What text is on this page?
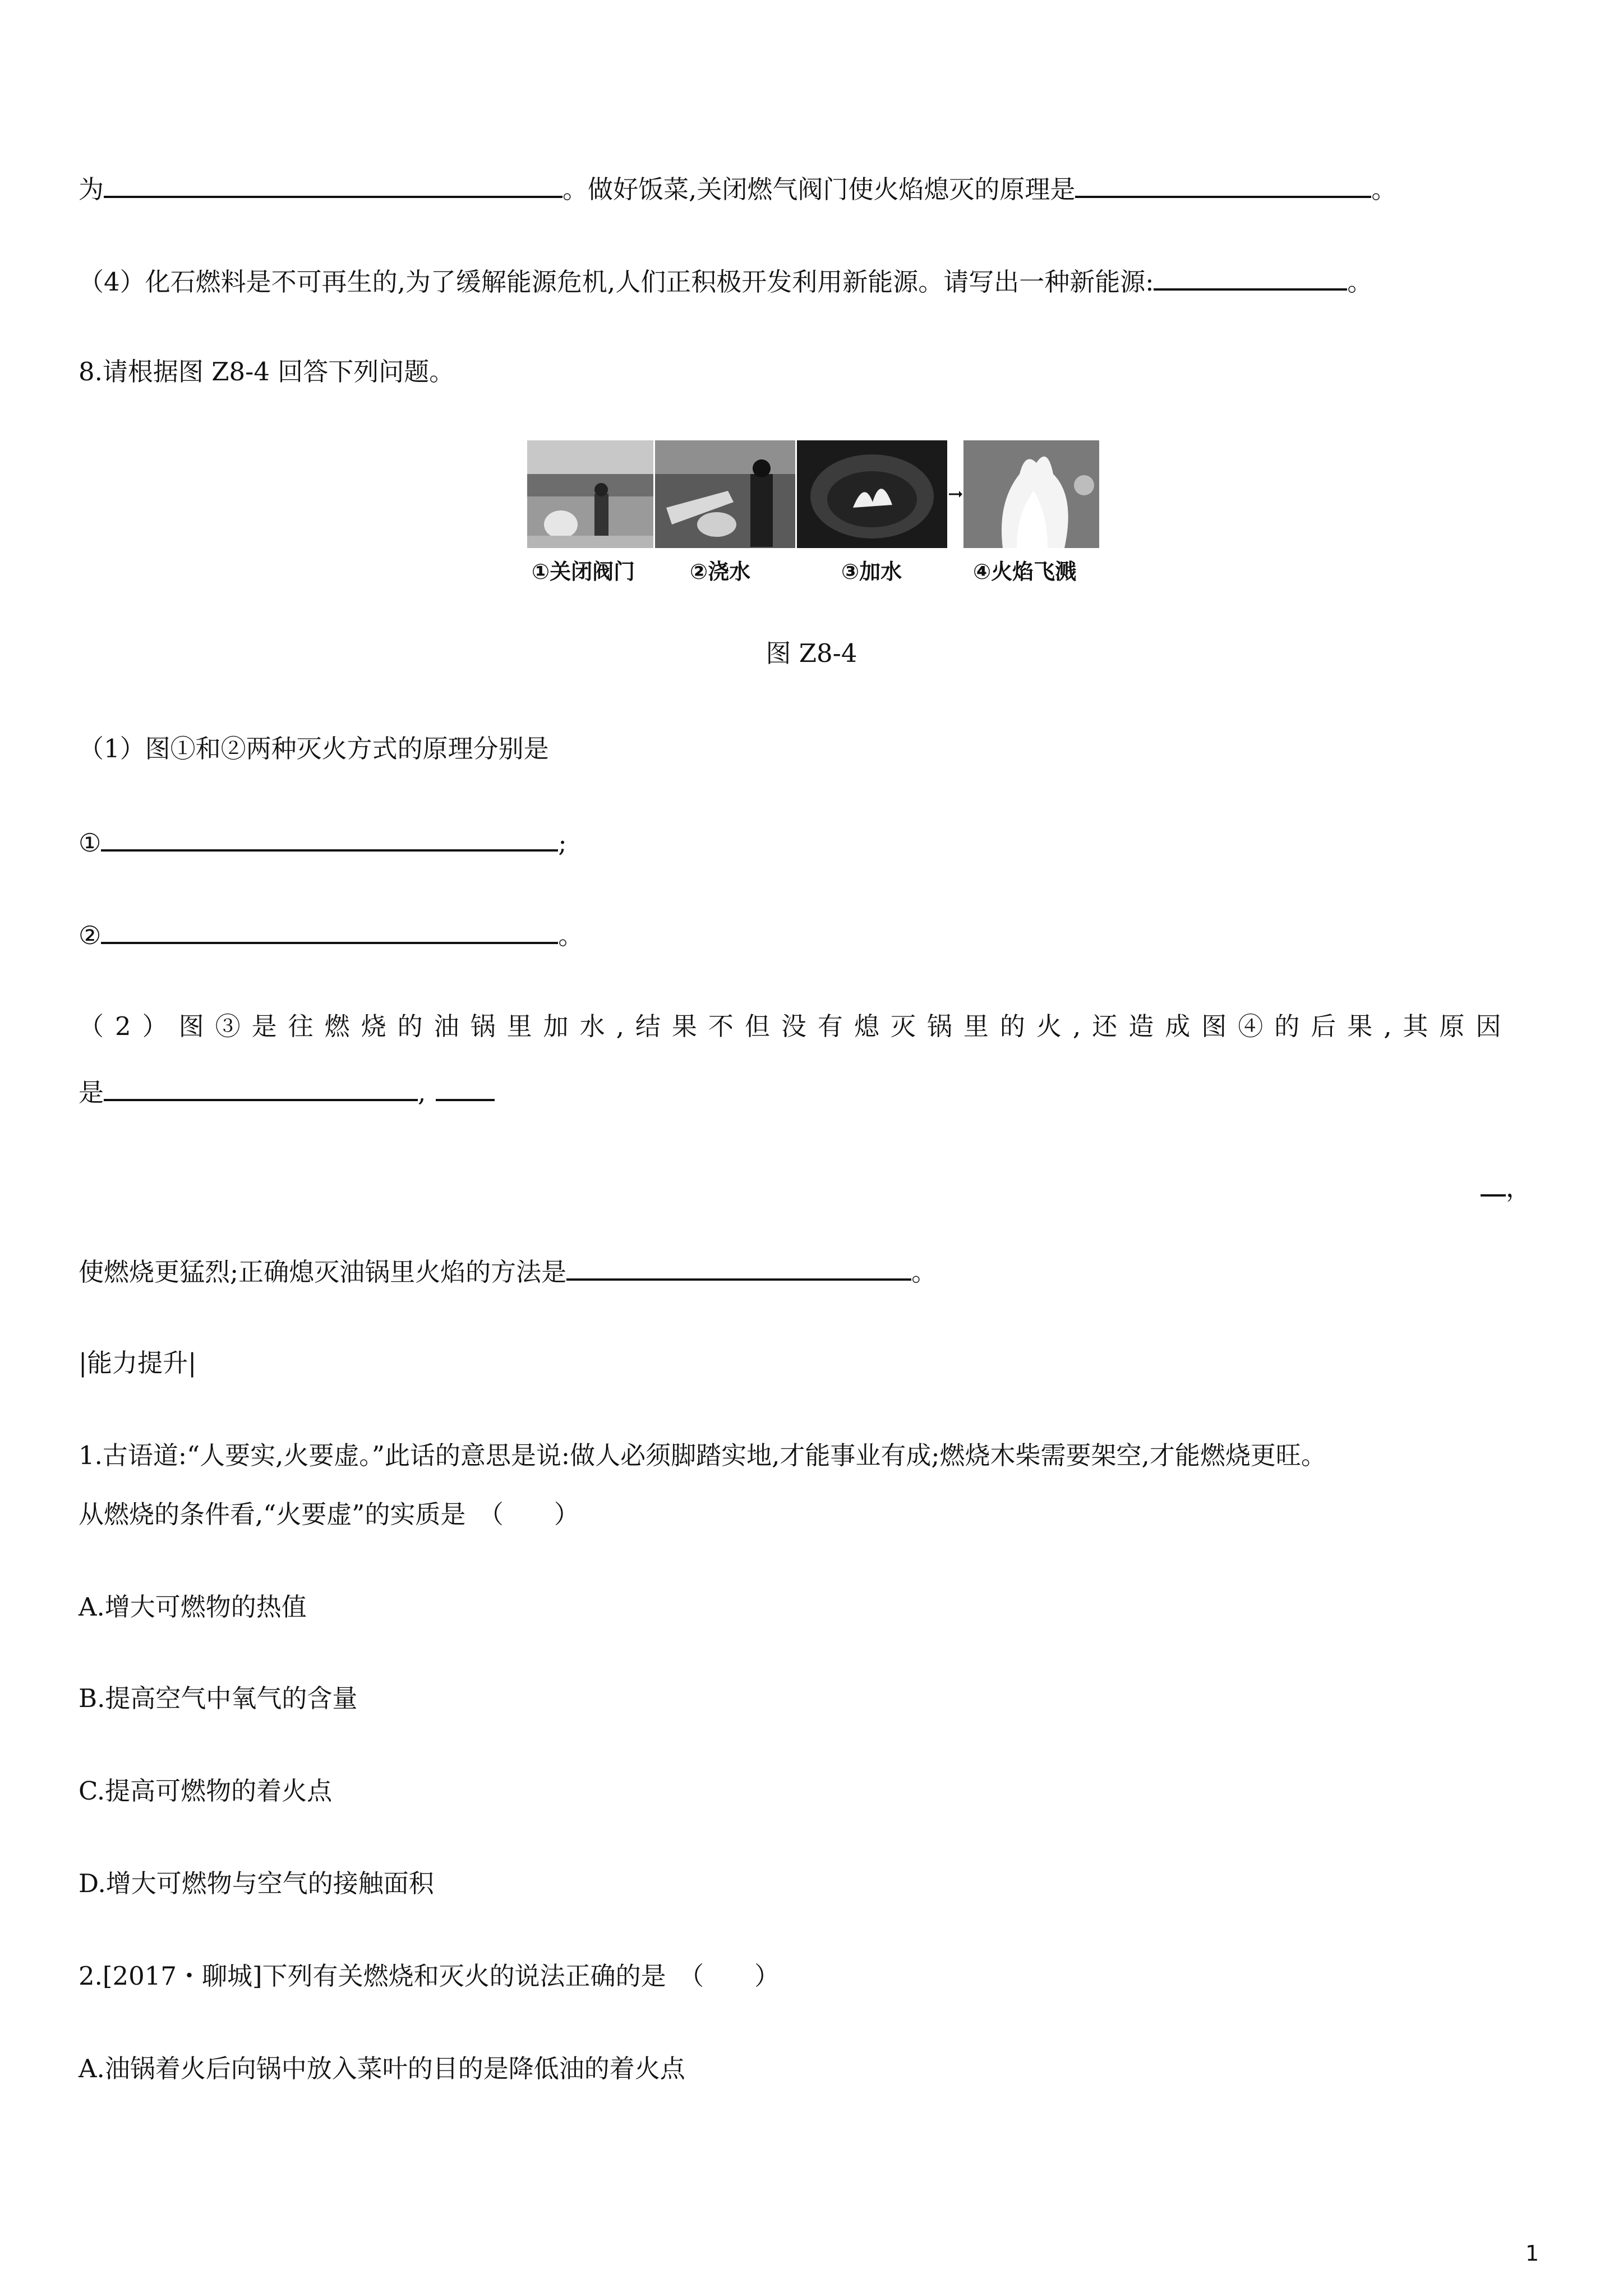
为	。做好饭菜,关闭燃气阀门使火焰熄灭的原理是	。
（4）化石燃料是不可再生的,为了缓解能源危机,人们正积极开发利用新能源。请写出一种新能源:	。
8.请根据图 Z8-4 回答下列问题。
①关闭阀门	②浇水	③加水	④火焰飞溅
图 Z8-4
（1）图①和②两种灭火方式的原理分别是
①	;
②	。
（2）图③是往燃烧的油锅里加水,结果不但没有熄灭锅里的火,还造成图④的后果,其原因
是	,
，
使燃烧更猛烈;正确熄灭油锅里火焰的方法是	。
|能力提升|
1.古语道:“人要实,火要虚。”此话的意思是说:做人必须脚踏实地,才能事业有成;燃烧木柴需要架空,才能燃烧更旺。
从燃烧的条件看,“火要虚”的实质是　（　　）
A.增大可燃物的热值
B.提高空气中氧气的含量
C.提高可燃物的着火点
D.增大可燃物与空气的接触面积
2.[2017・聊城]下列有关燃烧和灭火的说法正确的是　（　　）
A.油锅着火后向锅中放入菜叶的目的是降低油的着火点
1
